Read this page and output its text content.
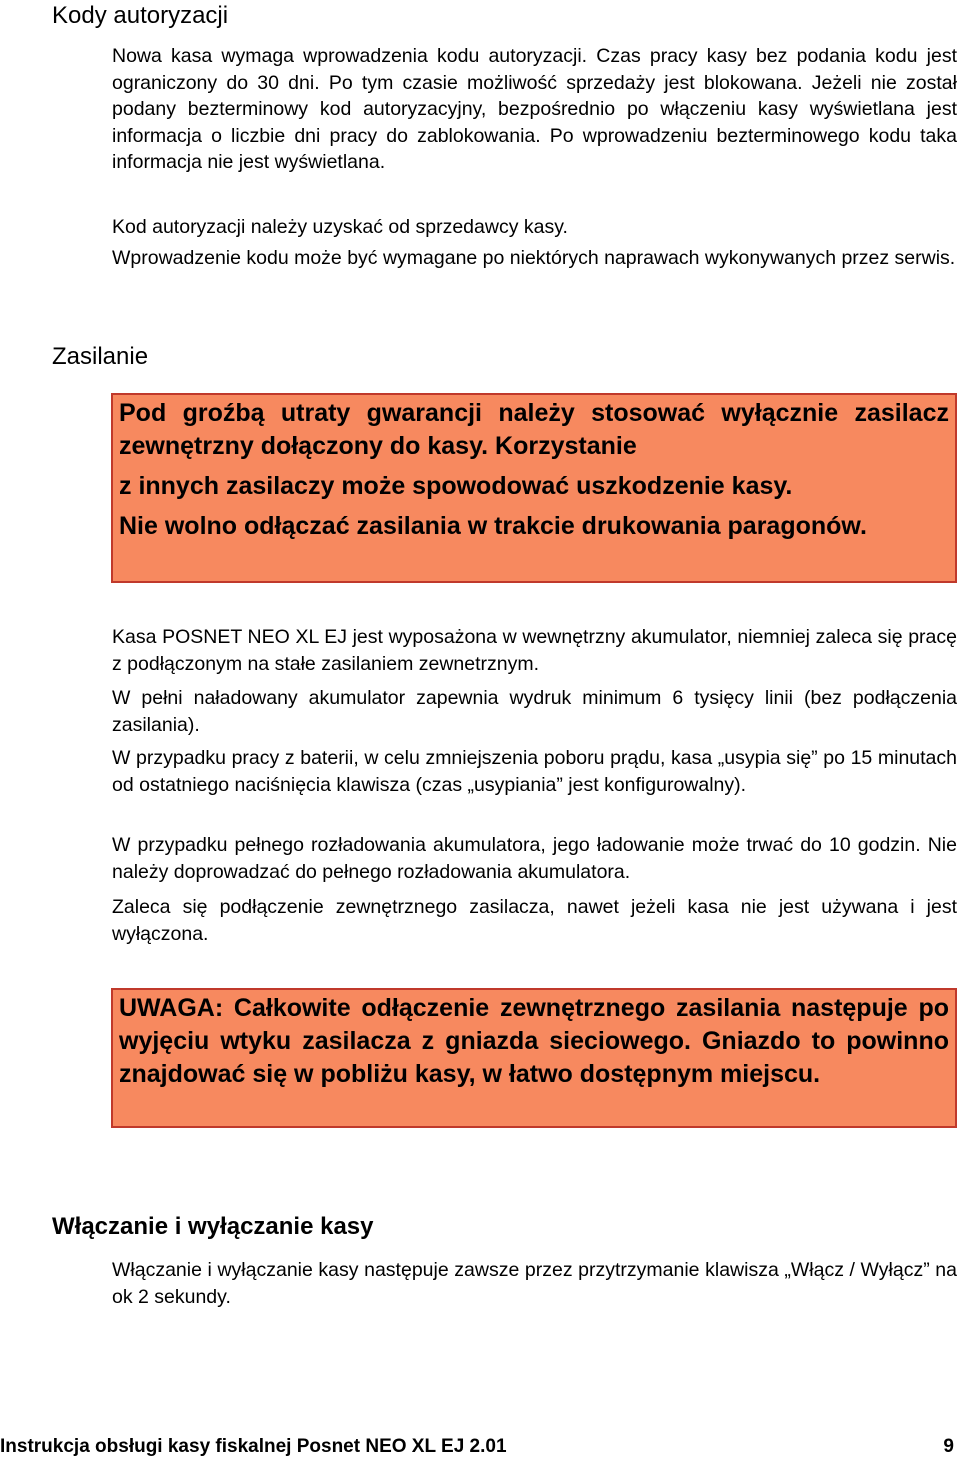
Kody autoryzacji

Nowa kasa wymaga wprowadzenia kodu autoryzacji. Czas pracy kasy bez podania kodu jest ograniczony do 30 dni. Po tym czasie możliwość sprzedaży jest blokowana. Jeżeli nie został podany bezterminowy kod autoryzacyjny, bezpośrednio po włączeniu kasy wyświetlana jest informacja o liczbie dni pracy do zablokowania. Po wprowadzeniu bezterminowego kodu taka informacja nie jest wyświetlana.

Kod autoryzacji należy uzyskać od sprzedawcy kasy.

Wprowadzenie kodu może być wymagane po niektórych naprawach wykonywanych przez serwis.

Zasilanie

Pod groźbą utraty gwarancji należy stosować wyłącznie zasilacz zewnętrzny dołączony do kasy. Korzystanie

z innych zasilaczy może spowodować uszkodzenie kasy.

Nie wolno odłączać zasilania w trakcie drukowania paragonów.

Kasa POSNET NEO XL EJ jest wyposażona w wewnętrzny akumulator, niemniej zaleca się pracę z podłączonym na stałe zasilaniem zewnetrznym.

W pełni naładowany akumulator zapewnia wydruk minimum 6 tysięcy linii (bez podłączenia zasilania).

W przypadku pracy z baterii, w celu zmniejszenia poboru prądu, kasa „usypia się” po 15 minutach od ostatniego naciśnięcia klawisza (czas „usypiania” jest konfigurowalny).

W przypadku pełnego rozładowania akumulatora, jego ładowanie może trwać do 10 godzin. Nie należy doprowadzać do pełnego rozładowania akumulatora.

Zaleca się podłączenie zewnętrznego zasilacza, nawet jeżeli kasa nie jest używana i jest wyłączona.

UWAGA: Całkowite odłączenie zewnętrznego zasilania następuje po wyjęciu wtyku zasilacza z gniazda sieciowego. Gniazdo to powinno znajdować się w pobliżu kasy, w łatwo dostępnym miejscu.

Włączanie i wyłączanie kasy

Włączanie i wyłączanie kasy następuje zawsze przez przytrzymanie klawisza „Włącz / Wyłącz” na ok 2 sekundy.

Instrukcja obsługi kasy fiskalnej Posnet NEO XL EJ 2.01	9
